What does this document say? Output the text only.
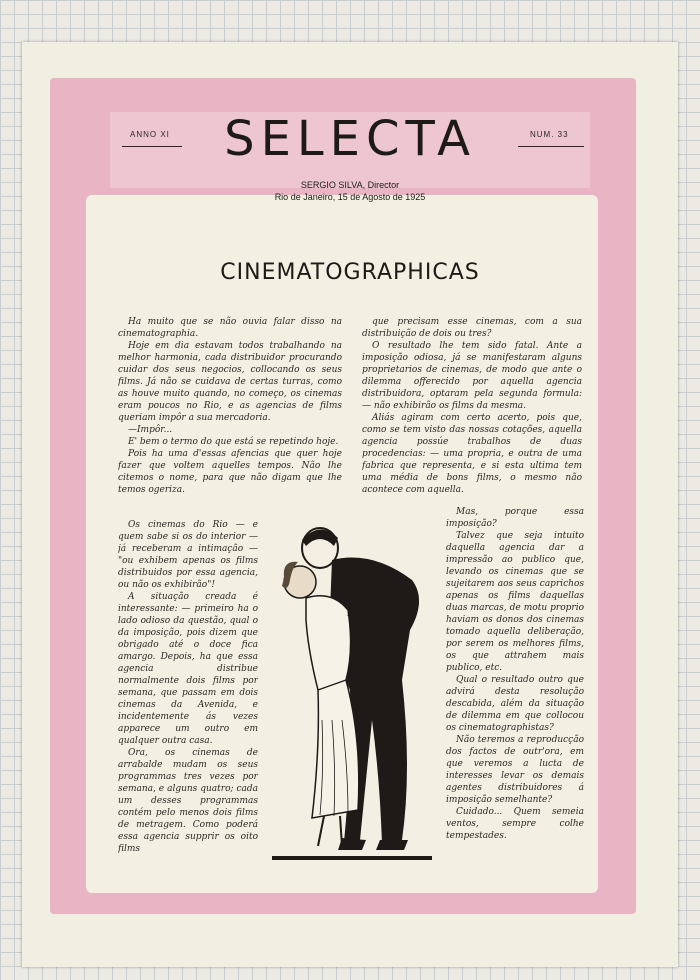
ANNO XI	NUM. 33
SELECTA
SERGIO SILVA, Director
Rio de Janeiro, 15 de Agosto de 1925
CINEMATOGRAPHICAS

Ha muito que se não ouvia falar disso na cinematographia.

Hoje em dia estavam todos trabalhando na melhor harmonia, cada distribuidor procurando cuidar dos seus negocios, collocando os seus films. Já não se cuidava de certas turras, como as houve muito quando, no começo, os cinemas eram poucos no Rio, e as agencias de films queriam impôr a sua mercadoria.

—Impôr...

E' bem o termo do que está se repetindo hoje.

Pois ha uma d'essas afencias que quer hoje fazer que voltem aquelles tempos. Não lhe citemos o nome, para que não digam que lhe temos ogeriza.

Os cinemas do Rio — e quem sabe si os do interior — já receberam a intimação — "ou exhibem apenas os films distribuidos por essa agencia, ou não os exhibirão"!

A situação creada é interessante: — primeiro ha o lado odioso da questão, qual o da imposição, pois dizem que obrigado até o doce fica amargo. Depois, ha que essa agencia distribue normalmente dois films por semana, que passam em dois cinemas da Avenida, e incidentemente ás vezes apparece um outro em qualquer outra casa.

Ora, os cinemas de arrabalde mudam os seus programmas tres vezes por semana, e alguns quatro; cada um desses programmas contém pelo menos dois films de metragem. Como poderá essa agencia supprir os oito films

que precisam esse cinemas, com a sua distribuição de dois ou tres?

O resultado lhe tem sido fatal. Ante a imposição odiosa, já se manifestaram alguns proprietarios de cinemas, de modo que ante o dilemma offerecido por aquella agencia distribuidora, optaram pela segunda formula: — não exhibirão os films da mesma.

Aliás agiram com certo acerto, pois que, como se tem visto das nossas cotações, aquella agencia possúe trabalhos de duas procedencias: — uma propria, e outra de uma fabrica que representa, e si esta ultima tem uma média de bons films, o mesmo não acontece com aquella.

Mas, porque essa imposição?

Talvez que seja intuito daquella agencia dar a impressão ao publico que, levando os cinemas que se sujeitarem aos seus caprichos apenas os films daquellas duas marcas, de motu proprio haviam os donos dos cinemas tomado aquella deliberação, por serem os melhores films, os que attrahem mais publico, etc.

Qual o resultado outro que advirá desta resolução descabida, além da situação de dilemma em que collocou os cinematographistas?

Não teremos a reproducção dos factos de outr'ora, em que veremos a lucta de interesses levar os demais agentes distribuidores á imposição semelhante?

Cuidado... Quem semeia ventos, sempre colhe tempestades.
